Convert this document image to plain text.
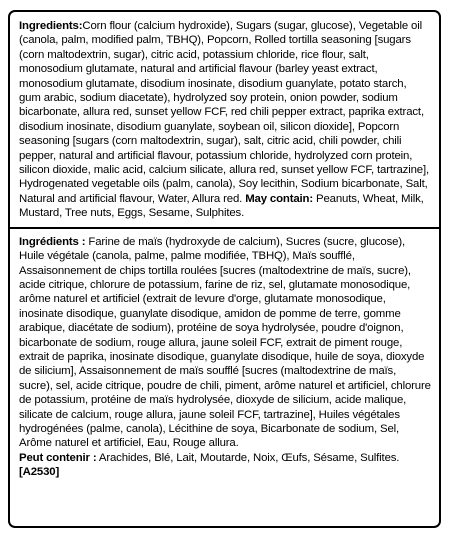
Ingredients:Corn flour (calcium hydroxide), Sugars (sugar, glucose), Vegetable oil (canola, palm, modified palm, TBHQ), Popcorn, Rolled tortilla seasoning [sugars (corn maltodextrin, sugar), citric acid, potassium chloride, rice flour, salt, monosodium glutamate, natural and artificial flavour (barley yeast extract, monosodium glutamate, disodium inosinate, disodium guanylate, potato starch, gum arabic, sodium diacetate), hydrolyzed soy protein, onion powder, sodium bicarbonate, allura red, sunset yellow FCF, red chili pepper extract, paprika extract, disodium inosinate, disodium guanylate, soybean oil, silicon dioxide], Popcorn seasoning [sugars (corn maltodextrin, sugar), salt, citric acid, chili powder, chili pepper, natural and artificial flavour, potassium chloride, hydrolyzed corn protein, silicon dioxide, malic acid, calcium silicate, allura red, sunset yellow FCF, tartrazine], Hydrogenated vegetable oils (palm, canola), Soy lecithin, Sodium bicarbonate, Salt, Natural and artificial flavour, Water, Allura red. May contain: Peanuts, Wheat, Milk, Mustard, Tree nuts, Eggs, Sesame, Sulphites.

Ingrédients : Farine de maïs (hydroxyde de calcium), Sucres (sucre, glucose), Huile végétale (canola, palme, palme modifiée, TBHQ), Maïs soufflé, Assaisonnement de chips tortilla roulées [sucres (maltodextrine de maïs, sucre), acide citrique, chlorure de potassium, farine de riz, sel, glutamate monosodique, arôme naturel et artificiel (extrait de levure d'orge, glutamate monosodique, inosinate disodique, guanylate disodique, amidon de pomme de terre, gomme arabique, diacétate de sodium), protéine de soya hydrolysée, poudre d'oignon, bicarbonate de sodium, rouge allura, jaune soleil FCF, extrait de piment rouge, extrait de paprika, inosinate disodique, guanylate disodique, huile de soya, dioxyde de silicium], Assaisonnement de maïs soufflé [sucres (maltodextrine de maïs, sucre), sel, acide citrique, poudre de chili, piment, arôme naturel et artificiel, chlorure de potassium, protéine de maïs hydrolysée, dioxyde de silicium, acide malique, silicate de calcium, rouge allura, jaune soleil FCF, tartrazine], Huiles végétales hydrogénées (palme, canola), Lécithine de soya, Bicarbonate de sodium, Sel, Arôme naturel et artificiel, Eau, Rouge allura.
Peut contenir : Arachides, Blé, Lait, Moutarde, Noix, Œufs, Sésame, Sulfites.

[A2530]
